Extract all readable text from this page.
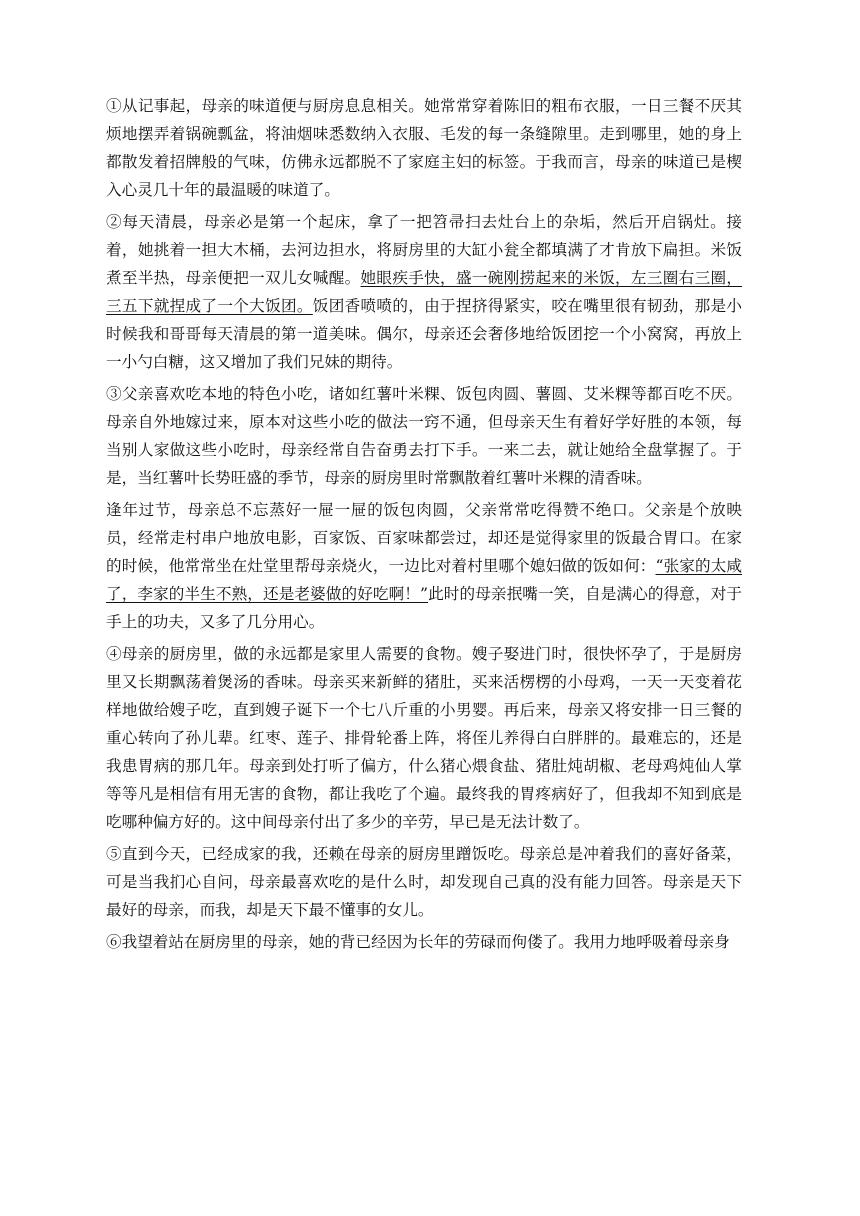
①从记事起，母亲的味道便与厨房息息相关。她常常穿着陈旧的粗布衣服，一日三餐不厌其烦地摆弄着锅碗瓢盆，将油烟味悉数纳入衣服、毛发的每一条缝隙里。走到哪里，她的身上都散发着招牌般的气味，仿佛永远都脱不了家庭主妇的标签。于我而言，母亲的味道已是楔入心灵几十年的最温暖的味道了。

②每天清晨，母亲必是第一个起床，拿了一把笤帚扫去灶台上的杂垢，然后开启锅灶。接着，她挑着一担大木桶，去河边担水，将厨房里的大缸小瓮全都填满了才肯放下扁担。米饭煮至半热，母亲便把一双儿女喊醒。她眼疾手快，盛一碗刚捞起来的米饭，左三圈右三圈，三五下就捏成了一个大饭团。饭团香喷喷的，由于捏挤得紧实，咬在嘴里很有韧劲，那是小时候我和哥哥每天清晨的第一道美味。偶尔，母亲还会奢侈地给饭团挖一个小窝窝，再放上一小勺白糖，这又增加了我们兄妹的期待。

③父亲喜欢吃本地的特色小吃，诸如红薯叶米粿、饭包肉圆、薯圆、艾米粿等都百吃不厌。母亲自外地嫁过来，原本对这些小吃的做法一窍不通，但母亲天生有着好学好胜的本领，每当别人家做这些小吃时，母亲经常自告奋勇去打下手。一来二去，就让她给全盘掌握了。于是，当红薯叶长势旺盛的季节，母亲的厨房里时常飘散着红薯叶米粿的清香味。

逢年过节，母亲总不忘蒸好一屉一屉的饭包肉圆，父亲常常吃得赞不绝口。父亲是个放映员，经常走村串户地放电影，百家饭、百家味都尝过，却还是觉得家里的饭最合胃口。在家的时候，他常常坐在灶堂里帮母亲烧火，一边比对着村里哪个媳妇做的饭如何：“张家的太咸了，李家的半生不熟，还是老婆做的好吃啊！”此时的母亲抿嘴一笑，自是满心的得意，对于手上的功夫，又多了几分用心。

④母亲的厨房里，做的永远都是家里人需要的食物。嫂子娶进门时，很快怀孕了，于是厨房里又长期飘荡着煲汤的香味。母亲买来新鲜的猪肚，买来活楞楞的小母鸡，一天一天变着花样地做给嫂子吃，直到嫂子诞下一个七八斤重的小男婴。再后来，母亲又将安排一日三餐的重心转向了孙儿辈。红枣、莲子、排骨轮番上阵，将侄儿养得白白胖胖的。最难忘的，还是我患胃病的那几年。母亲到处打听了偏方，什么猪心煨食盐、猪肚炖胡椒、老母鸡炖仙人掌等等凡是相信有用无害的食物，都让我吃了个遍。最终我的胃疼病好了，但我却不知到底是吃哪种偏方好的。这中间母亲付出了多少的辛劳，早已是无法计数了。

⑤直到今天，已经成家的我，还赖在母亲的厨房里蹭饭吃。母亲总是冲着我们的喜好备菜，可是当我扪心自问，母亲最喜欢吃的是什么时，却发现自己真的没有能力回答。母亲是天下最好的母亲，而我，却是天下最不懂事的女儿。

⑥我望着站在厨房里的母亲，她的背已经因为长年的劳碌而佝偻了。我用力地呼吸着母亲身
